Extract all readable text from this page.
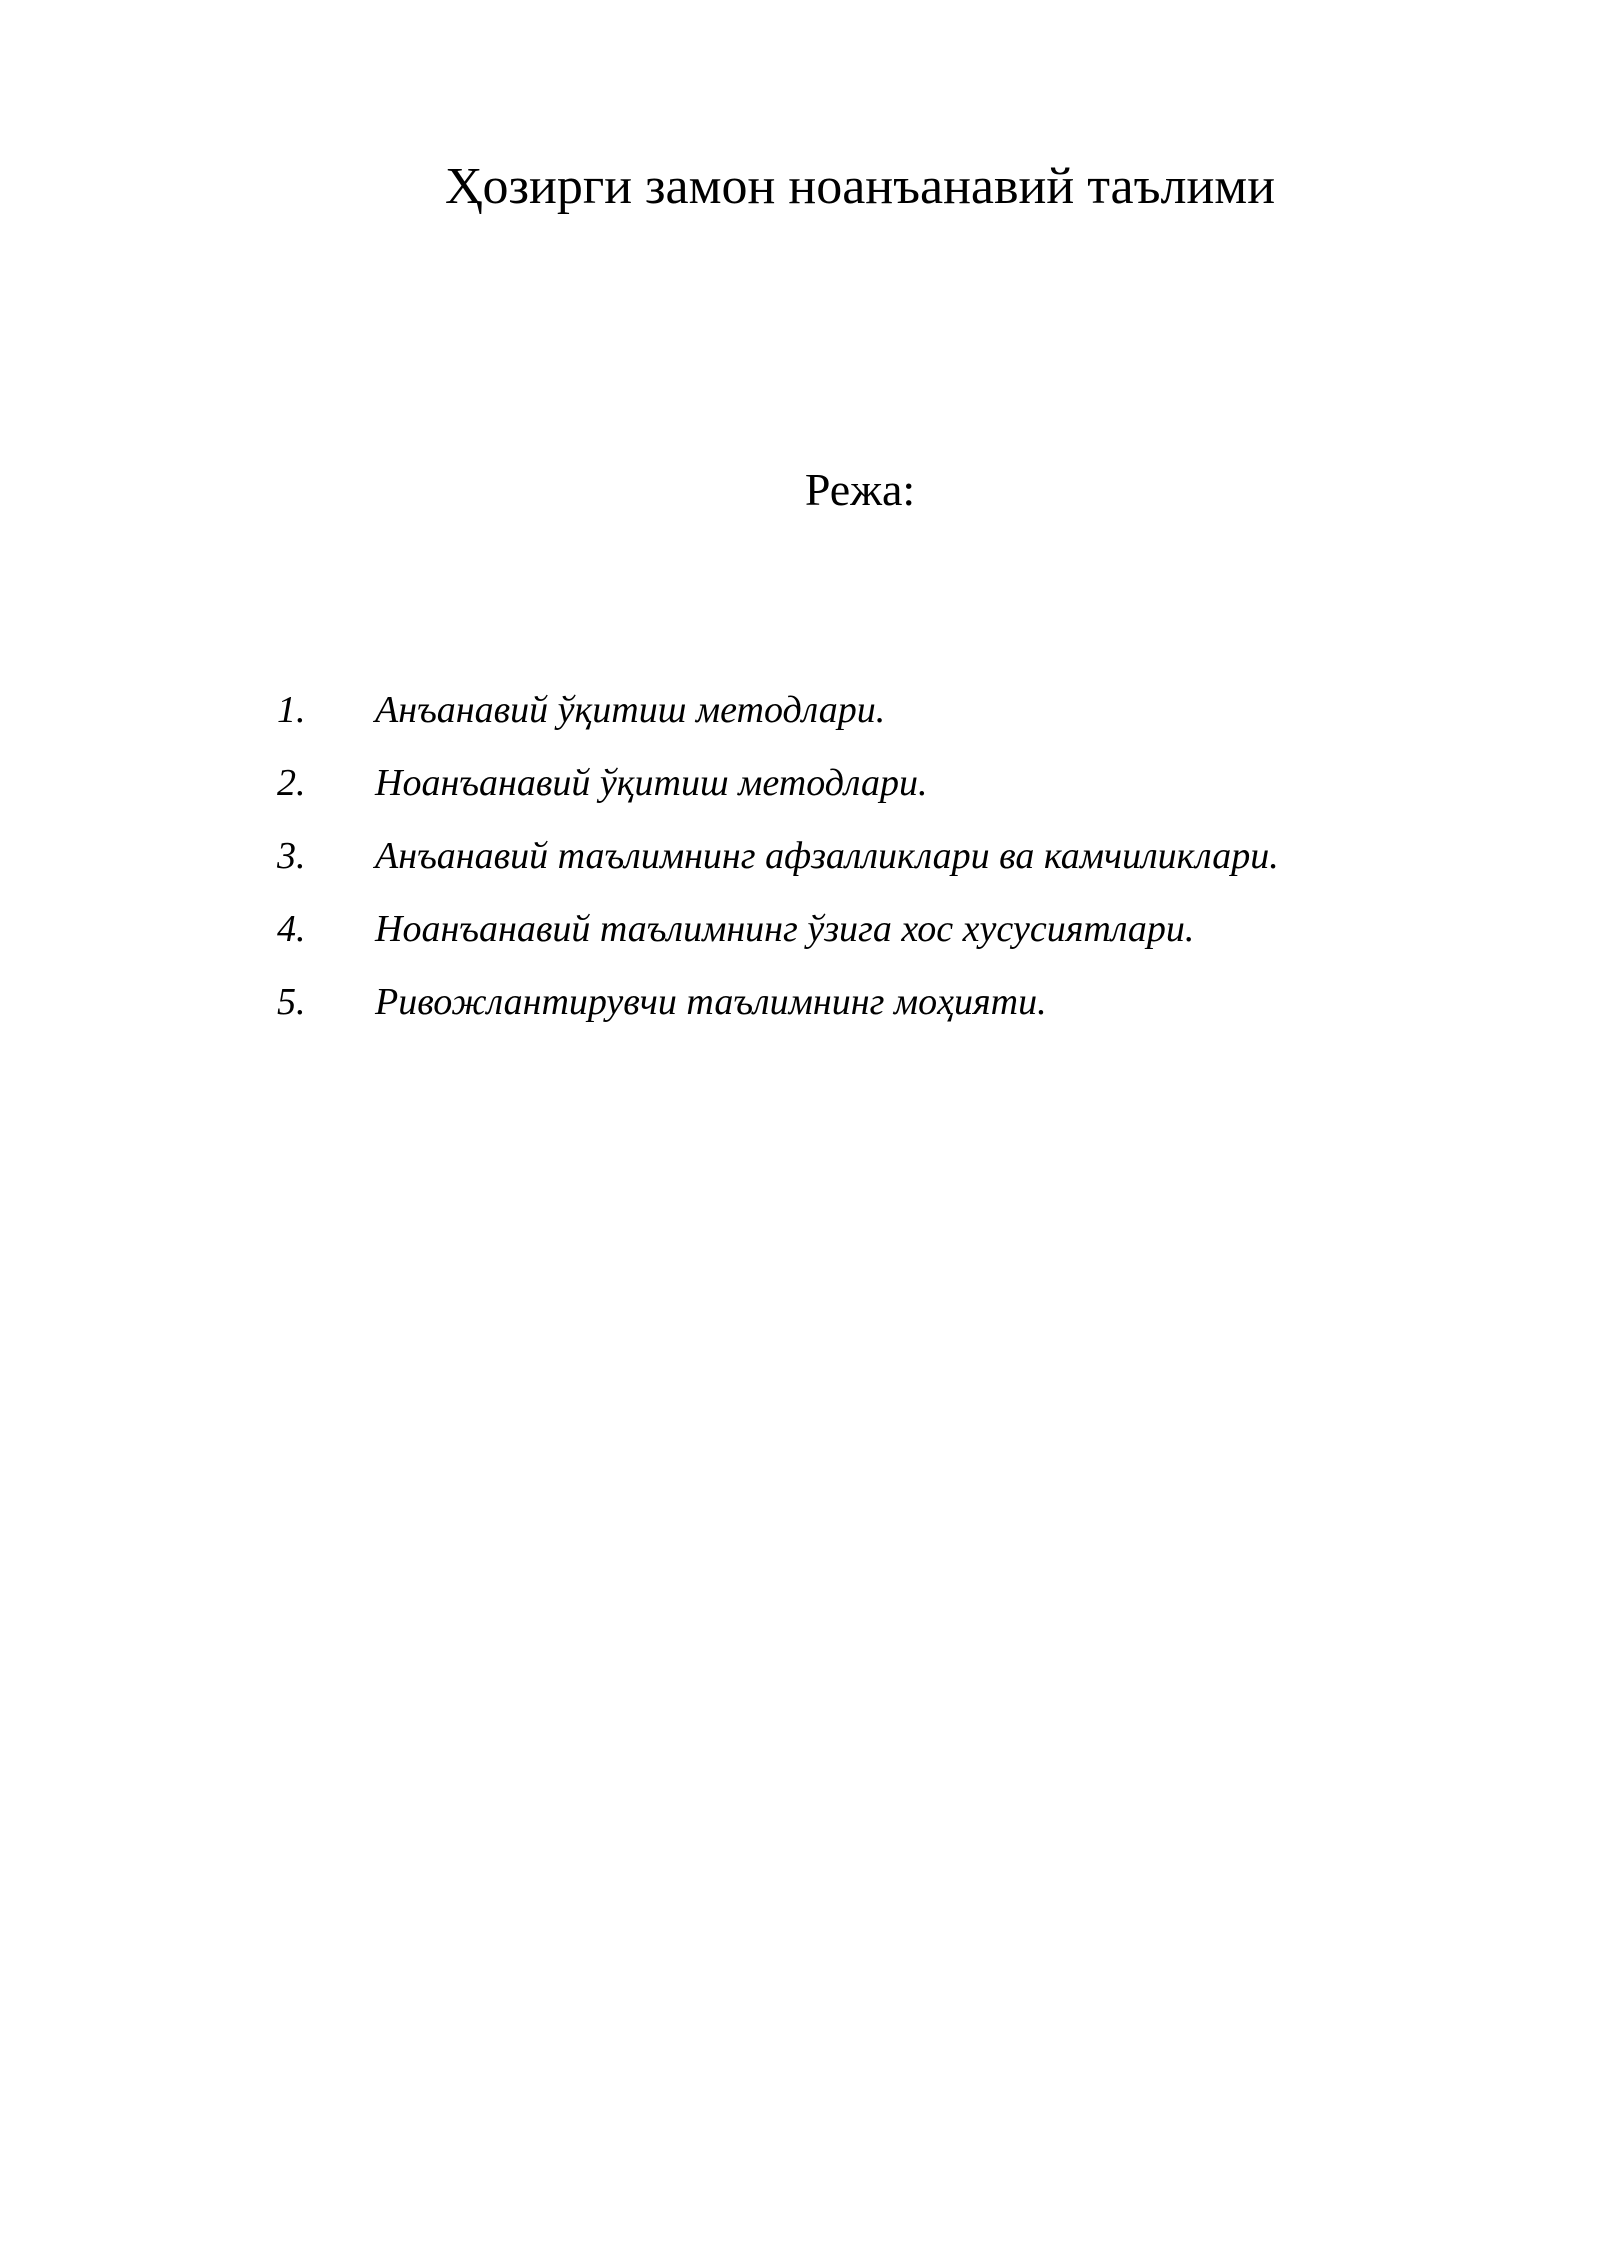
Ҳозирги замон ноанъанавий таълими
Режа:
1.	Анъанавий ўқитиш методлари.
2.	Ноанъанавий ўқитиш методлари.
3.	Анъанавий таълимнинг афзалликлари ва камчиликлари.
4.	Ноанъанавий таълимнинг ўзига хос хусусиятлари.
5.	Ривожлантирувчи таълимнинг моҳияти.
